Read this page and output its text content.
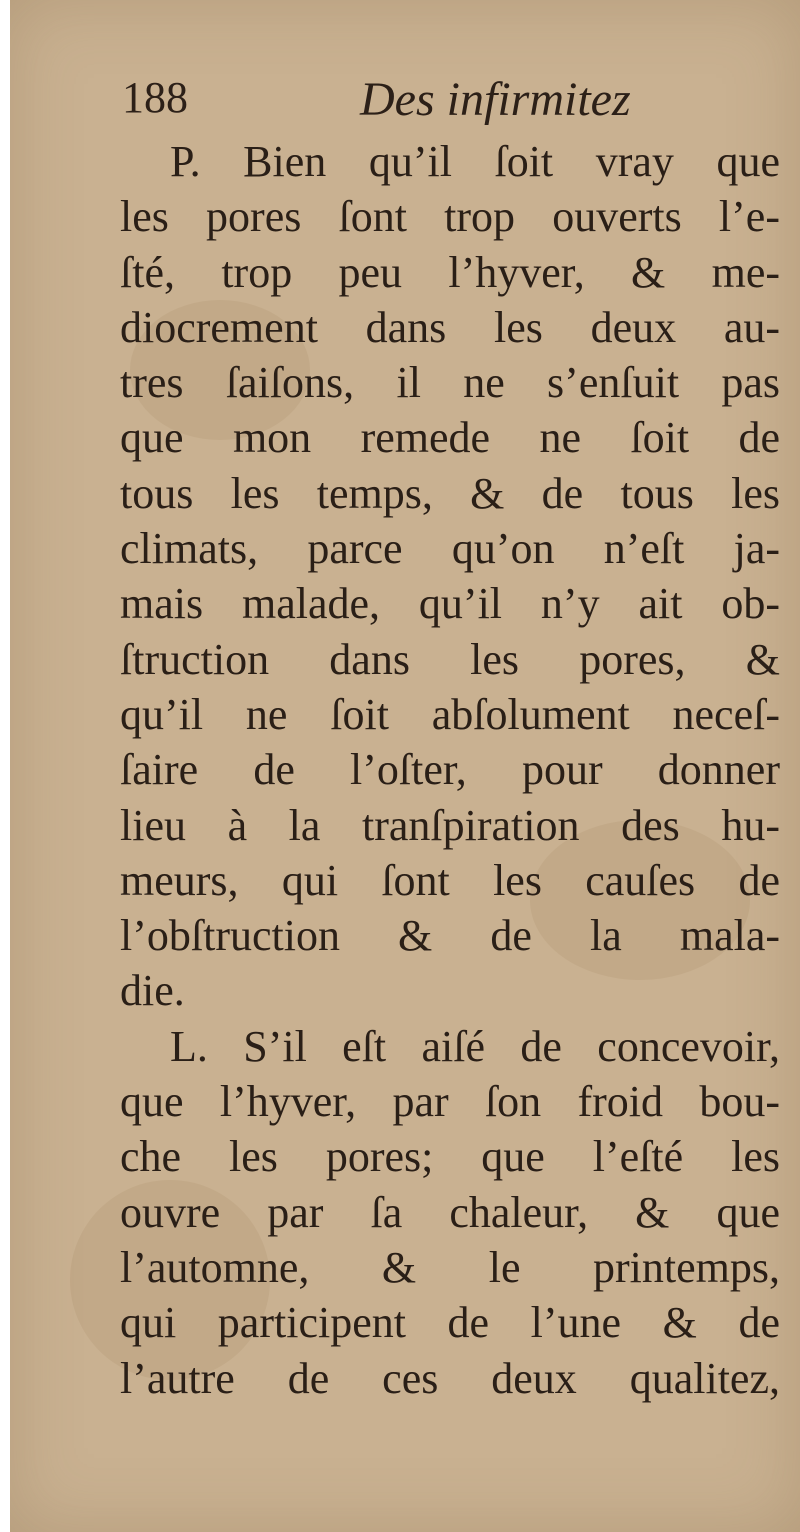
188	Des infirmitez
P. Bien qu’il ſoit vray que
les pores ſont trop ouverts l’e-
ſté, trop peu l’hyver, & me-
diocrement dans les deux au-
tres ſaiſons, il ne s’enſuit pas
que mon remede ne ſoit de
tous les temps, & de tous les
climats, parce qu’on n’eſt ja-
mais malade, qu’il n’y ait ob-
ſtruction dans les pores, &
qu’il ne ſoit abſolument neceſ-
ſaire de l’oſter, pour donner
lieu à la tranſpiration des hu-
meurs, qui ſont les cauſes de
l’obſtruction & de la mala-
die.
L. S’il eſt aiſé de concevoir,
que l’hyver, par ſon froid bou-
che les pores; que l’eſté les
ouvre par ſa chaleur, & que
l’automne, & le printemps,
qui participent de l’une & de
l’autre de ces deux qualitez,
